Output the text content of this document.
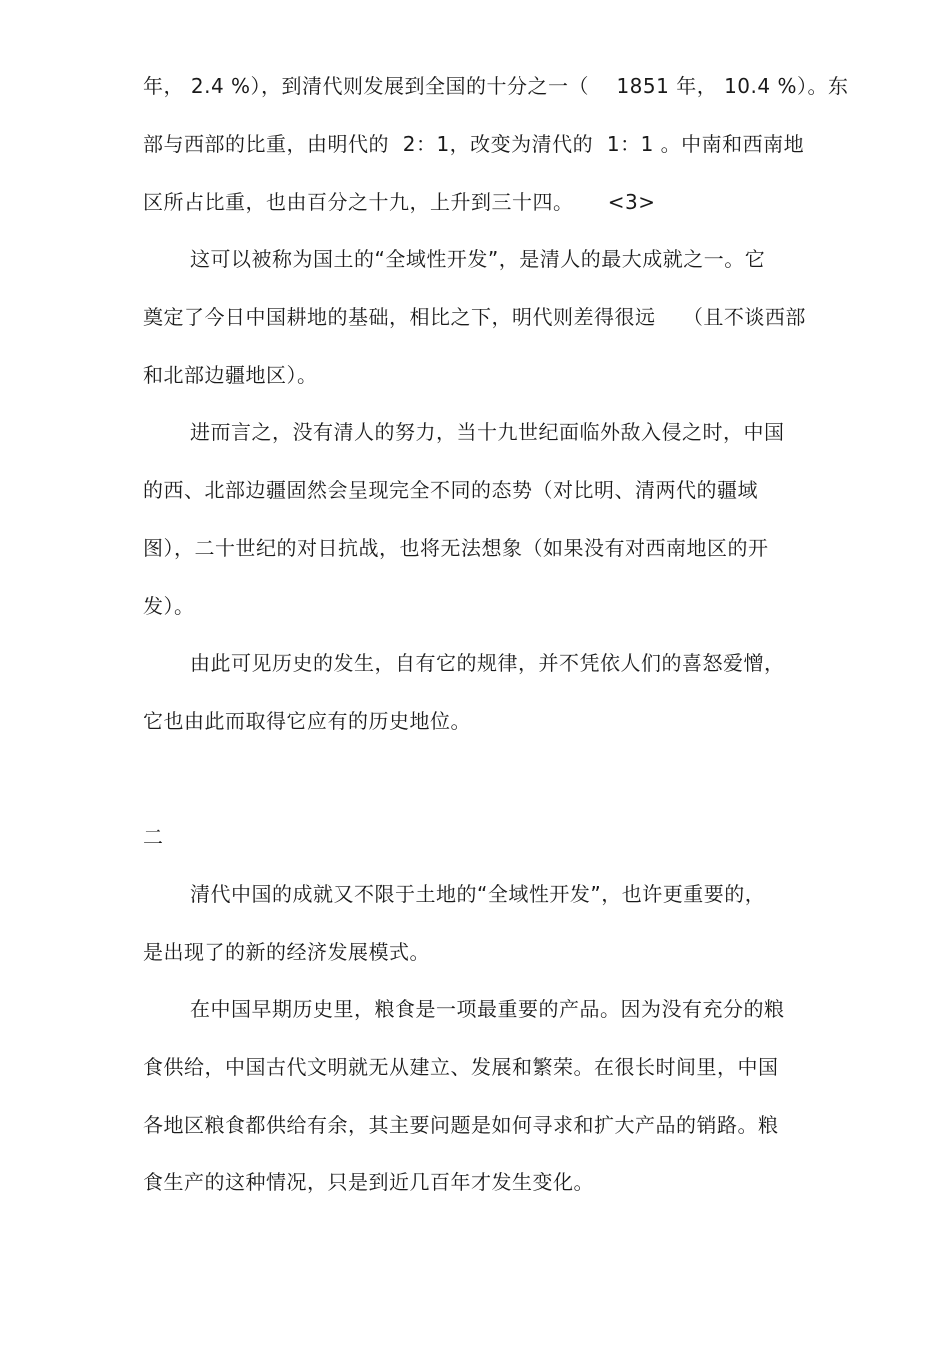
年， 2.4 %），到清代则发展到全国的十分之一（    1851 年， 10.4 %）。东

部与西部的比重，由明代的  2：1，改变为清代的  1：1 。中南和西南地

区所占比重，也由百分之十九，上升到三十四。     <3>

这可以被称为国土的“全域性开发”，是清人的最大成就之一。它

奠定了今日中国耕地的基础，相比之下，明代则差得很远    （且不谈西部

和北部边疆地区）。

进而言之，没有清人的努力，当十九世纪面临外敌入侵之时，中国

的西、北部边疆固然会呈现完全不同的态势（对比明、清两代的疆域

图），二十世纪的对日抗战，也将无法想象（如果没有对西南地区的开

发）。

由此可见历史的发生，自有它的规律，并不凭依人们的喜怒爱憎，

它也由此而取得它应有的历史地位。

二

清代中国的成就又不限于土地的“全域性开发”，也许更重要的，

是出现了的新的经济发展模式。

在中国早期历史里，粮食是一项最重要的产品。因为没有充分的粮

食供给，中国古代文明就无从建立、发展和繁荣。在很长时间里，中国

各地区粮食都供给有余，其主要问题是如何寻求和扩大产品的销路。粮

食生产的这种情况，只是到近几百年才发生变化。
